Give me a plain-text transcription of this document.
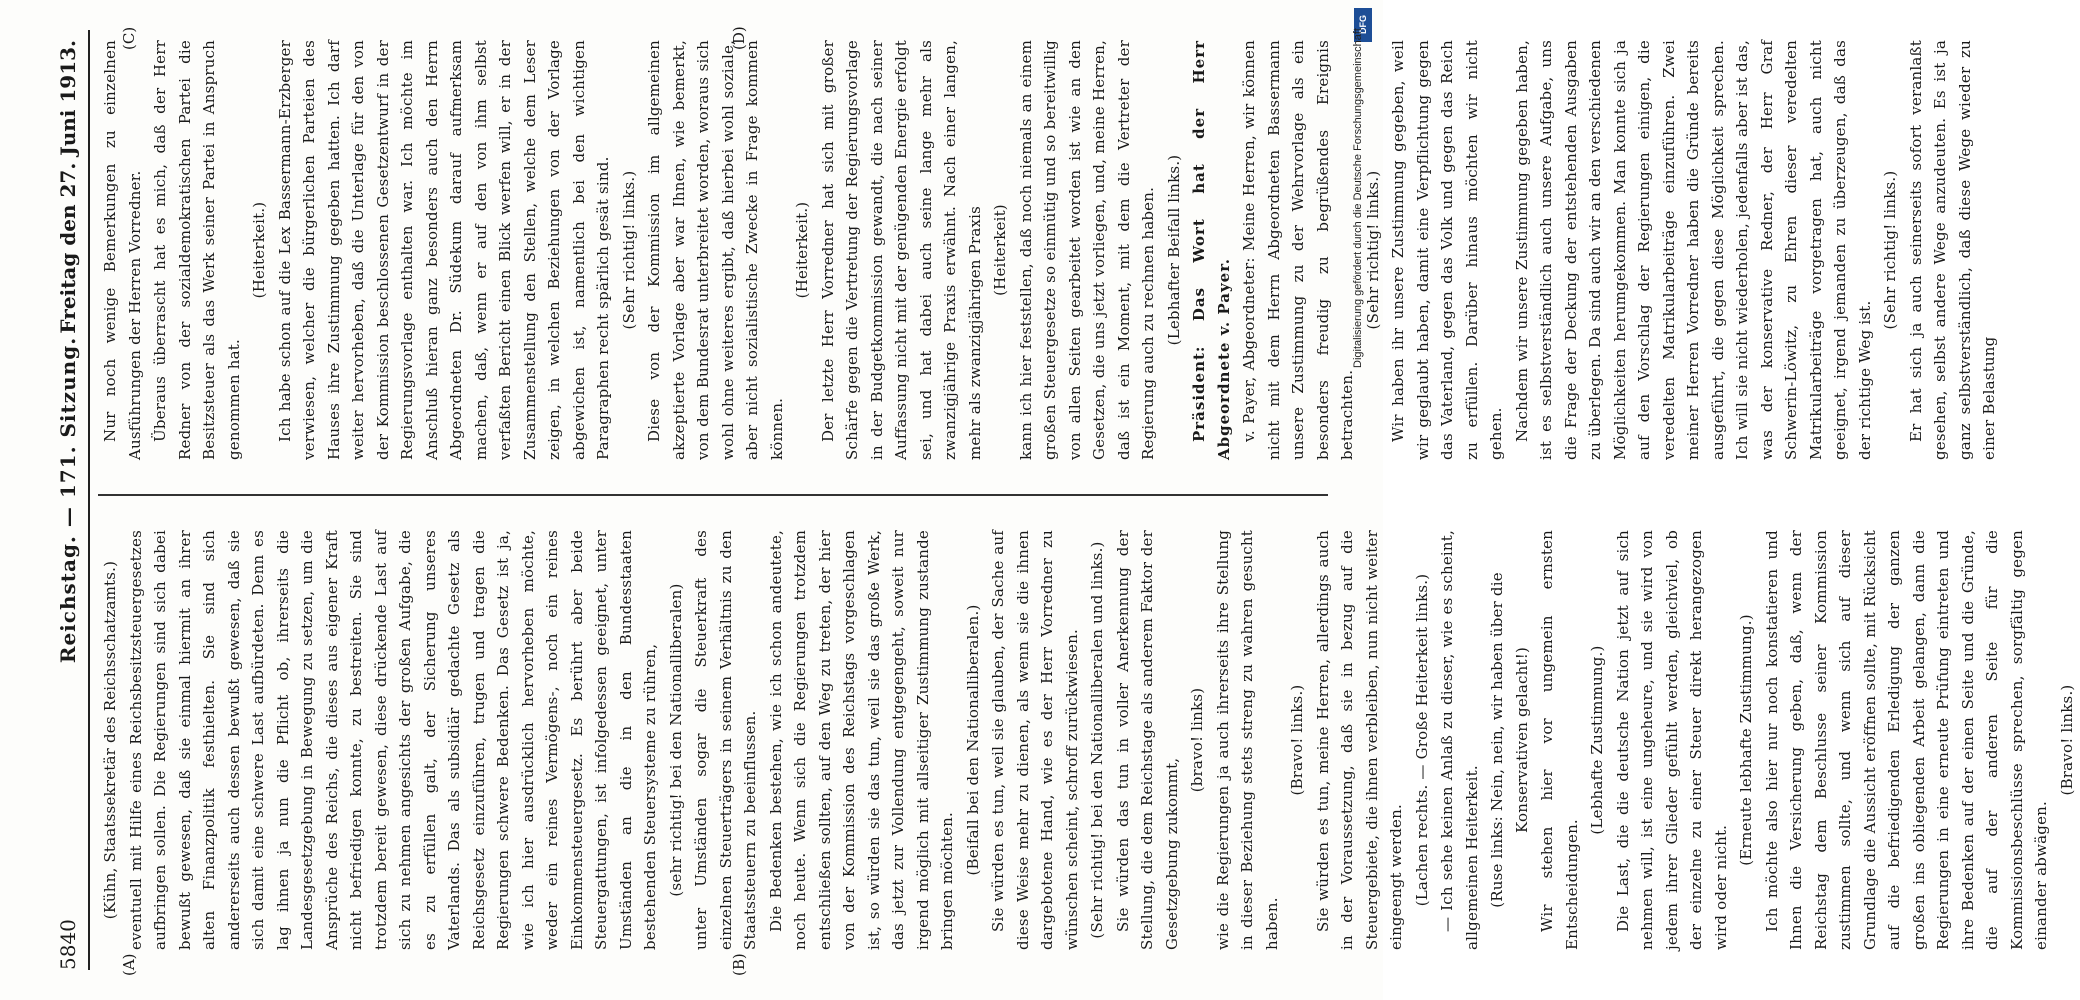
5840
Reichstag. — 171. Sitzung.
Freitag den 27. Juni 1913.
(A)	(B)
(C)	(D)

(Kühn, Staatssekretär des Reichsschatzamts.) eventuell mit Hilfe eines Reichsbesitzsteuergesetzes aufbringen sollen. Die Regierungen sind sich dabei bewußt gewesen, daß sie einmal hiermit an ihrer alten Finanzpolitik festhielten. Sie sind sich andererseits auch dessen bewußt gewesen, daß sie sich damit eine schwere Last aufbürdeten. Denn es lag ihnen ja nun die Pflicht ob, ihrerseits die Landesgesetzgebung in Bewegung zu setzen, um die Ansprüche des Reichs, die dieses aus eigener Kraft nicht befriedigen konnte, zu bestreiten. Sie sind trotzdem bereit gewesen, diese drückende Last auf sich zu nehmen angesichts der großen Aufgabe, die es zu erfüllen galt, der Sicherung unseres Vaterlands. Das als subsidiär gedachte Gesetz als Reichsgesetz einzuführen, trugen und tragen die Regierungen schwere Bedenken. Das Gesetz ist ja, wie ich hier ausdrücklich hervorheben möchte, weder ein reines Vermögens-, noch ein reines Einkommensteuergesetz. Es berührt aber beide Steuergattungen, ist infolgedessen geeignet, unter Umständen an die in den Bundesstaaten bestehenden Steuersysteme zu rühren, (sehr richtig! bei den Nationalliberalen) unter Umständen sogar die Steuerkraft des einzelnen Steuerträgers in seinem Verhältnis zu den Staatssteuern zu beeinflussen. Die Bedenken bestehen, wie ich schon andeutete, noch heute. Wenn sich die Regierungen trotzdem entschließen sollten, auf den Weg zu treten, der hier von der Kommission des Reichstags vorgeschlagen ist, so würden sie das tun, weil sie das große Werk, das jetzt zur Vollendung entgegengeht, soweit nur irgend möglich mit allseitiger Zustimmung zustande bringen möchten.

(Beifall bei den Nationalliberalen.) Sie würden es tun, weil sie glauben, der Sache auf diese Weise mehr zu dienen, als wenn sie die ihnen dargebotene Hand, wie es der Herr Vorredner zu wünschen scheint, schroff zurückwiesen. (Sehr richtig! bei den Nationalliberalen und links.) Sie würden das tun in voller Anerkennung der Stellung, die dem Reichstage als anderem Faktor der Gesetzgebung zukommt,

(bravo! links) wie die Regierungen ja auch ihrerseits ihre Stellung in dieser Beziehung stets streng zu wahren gesucht haben.

(Bravo! links.) Sie würden es tun, meine Herren, allerdings auch in der Voraussetzung, daß sie in bezug auf die Steuergebiete, die ihnen verbleiben, nun nicht weiter eingeengt werden. (Lachen rechts. — Große Heiterkeit links.) — Ich sehe keinen Anlaß zu dieser, wie es scheint, allgemeinen Heiterkeit. (Ruse links: Nein, nein, wir haben über die Konservativen gelacht!) Wir stehen hier vor ungemein ernsten Entscheidungen.

(Lebhafte Zustimmung.) Die Last, die die deutsche Nation jetzt auf sich nehmen will, ist eine ungeheure, und sie wird von jedem ihrer Glieder gefühlt werden, gleichviel, ob der einzelne zu einer Steuer direkt herangezogen wird oder nicht.

(Erneute lebhafte Zustimmung.) Ich möchte also hier nur noch konstatieren und Ihnen die Versicherung geben, daß, wenn der Reichstag dem Beschlusse seiner Kommission zustimmen sollte, und wenn sich auf dieser Grundlage die Aussicht eröffnen sollte, mit Rücksicht auf die befriedigenden Erledigung der ganzen großen ins obliegenden Arbeit gelangen, dann die Regierungen in eine erneute Prüfung eintreten und ihre Bedenken auf der einen Seite und die Gründe, die auf der anderen Seite für die Kommissionsbeschlüsse sprechen, sorgfältig gegen einander abwägen.

(Bravo! links.)

Nur noch wenige Bemerkungen zu einzelnen Ausführungen der Herren Vorredner. Überaus überrascht hat es mich, daß der Herr Redner von der sozialdemokratischen Partei die Besitzsteuer als das Werk seiner Partei in Anspruch genommen hat.

(Heiterkeit.) Ich habe schon auf die Lex Bassermann-Erzberger verwiesen, welcher die bürgerlichen Parteien des Hauses ihre Zustimmung gegeben hatten. Ich darf weiter hervorheben, daß die Unterlage für den von der Kommission beschlossenen Gesetzentwurf in der Regierungsvorlage enthalten war. Ich möchte im Anschluß hieran ganz besonders auch den Herrn Abgeordneten Dr. Südekum darauf aufmerksam machen, daß, wenn er auf den von ihm selbst verfaßten Bericht einen Blick werfen will, er in der Zusammenstellung den Stellen, welche dem Leser zeigen, in welchen Beziehungen von der Vorlage abgewichen ist, namentlich bei den wichtigen Paragraphen recht spärlich gesät sind. (Sehr richtig! links.) Diese von der Kommission im allgemeinen akzeptierte Vorlage aber war Ihnen, wie bemerkt, von dem Bundesrat unterbreitet worden, woraus sich wohl ohne weiteres ergibt, daß hierbei wohl soziale, aber nicht sozialistische Zwecke in Frage kommen können.

(Heiterkeit.) Der letzte Herr Vorredner hat sich mit großer Schärfe gegen die Vertretung der Regierungsvorlage in der Budgetkommission gewandt, die nach seiner Auffassung nicht mit der genügenden Energie erfolgt sei, und hat dabei auch seine lange mehr als zwanzigjährige Praxis erwähnt. Nach einer langen, mehr als zwanzigjährigen Praxis (Heiterkeit) kann ich hier feststellen, daß noch niemals an einem großen Steuergesetze so einmütig und so bereitwillig von allen Seiten gearbeitet worden ist wie an den Gesetzen, die uns jetzt vorliegen, und, meine Herren, daß ist ein Moment, mit dem die Vertreter der Regierung auch zu rechnen haben. (Lebhafter Beifall links.) Präsident: Das Wort hat der Herr Abgeordnete v. Payer. v. Payer, Abgeordneter: Meine Herren, wir können nicht mit dem Herrn Abgeordneten Bassermann unsere Zustimmung zu der Wehrvorlage als ein besonders freudig zu begrüßendes Ereignis betrachten.

(Sehr richtig! links.) Wir haben ihr unsere Zustimmung gegeben, weil wir geglaubt haben, damit eine Verpflichtung gegen das Vaterland, gegen das Volk und gegen das Reich zu erfüllen. Darüber hinaus möchten wir nicht gehen. Nachdem wir unsere Zustimmung gegeben haben, ist es selbstverständlich auch unsere Aufgabe, uns die Frage der Deckung der entstehenden Ausgaben zu überlegen. Da sind auch wir an den verschiedenen Möglichkeiten herumgekommen. Man konnte sich ja auf den Vorschlag der Regierungen einigen, die veredelten Matrikularbeiträge einzuführen. Zwei meiner Herren Vorredner haben die Gründe bereits ausgeführt, die gegen diese Möglichkeit sprechen. Ich will sie nicht wiederholen, jedenfalls aber ist das, was der konservative Redner, der Herr Graf Schwerin-Löwitz, zu Ehren dieser veredelten Matrikularbeiträge vorgetragen hat, auch nicht geeignet, irgend jemanden zu überzeugen, daß das der richtige Weg ist.

(Sehr richtig! links.) Er hat sich ja auch seinerseits sofort veranlaßt gesehen, selbst andere Wege anzudeuten. Es ist ja ganz selbstverständlich, daß diese Wege wieder zu einer Belastung

DFG
Digitalisierung gefördert durch die Deutsche Forschungsgemeinschaft
